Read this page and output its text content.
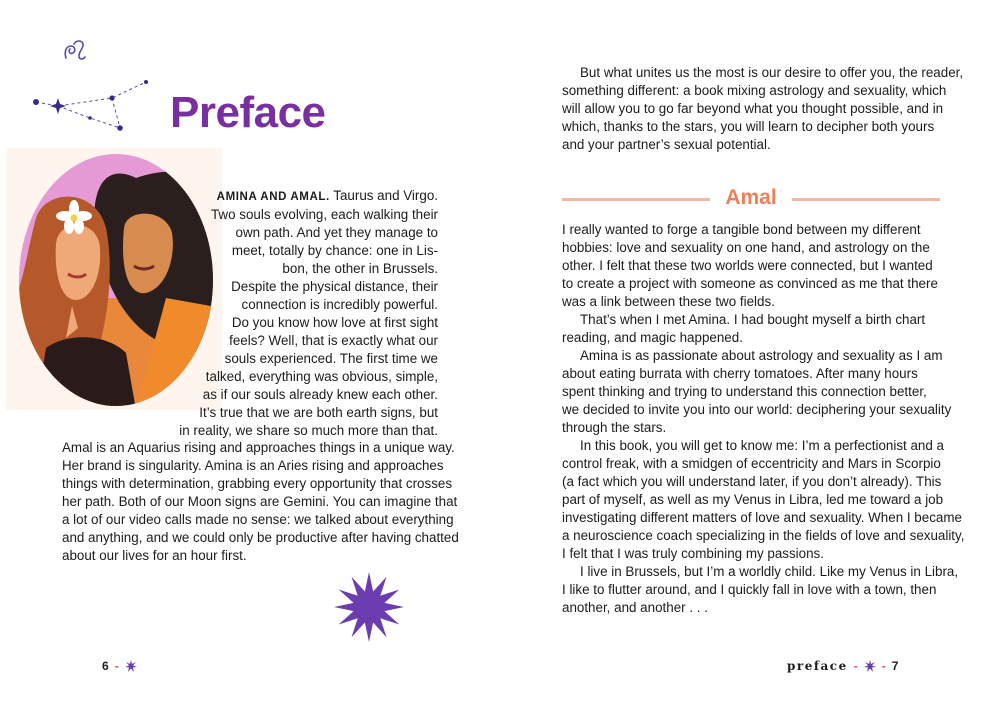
Preface
AMINA AND AMAL. Taurus and Virgo.
Two souls evolving, each walking their
own path. And yet they manage to
meet, totally by chance: one in Lis-
bon, the other in Brussels.
Despite the physical distance, their
connection is incredibly powerful.
Do you know how love at first sight
feels? Well, that is exactly what our
souls experienced. The first time we
talked, everything was obvious, simple,
as if our souls already knew each other.
It’s true that we are both earth signs, but
in reality, we share so much more than that.
Amal is an Aquarius rising and approaches things in a unique way.
Her brand is singularity. Amina is an Aries rising and approaches
things with determination, grabbing every opportunity that crosses
her path. Both of our Moon signs are Gemini. You can imagine that
a lot of our video calls made no sense: we talked about everything
and anything, and we could only be productive after having chatted
about our lives for an hour first.
6 -
But what unites us the most is our desire to offer you, the reader,
something different: a book mixing astrology and sexuality, which
will allow you to go far beyond what you thought possible, and in
which, thanks to the stars, you will learn to decipher both yours
and your partner’s sexual potential.
Amal
I really wanted to forge a tangible bond between my different
hobbies: love and sexuality on one hand, and astrology on the
other. I felt that these two worlds were connected, but I wanted
to create a project with someone as convinced as me that there
was a link between these two fields.
That’s when I met Amina. I had bought myself a birth chart
reading, and magic happened.
Amina is as passionate about astrology and sexuality as I am
about eating burrata with cherry tomatoes. After many hours
spent thinking and trying to understand this connection better,
we decided to invite you into our world: deciphering your sexuality
through the stars.
In this book, you will get to know me: I’m a perfectionist and a
control freak, with a smidgen of eccentricity and Mars in Scorpio
(a fact which you will understand later, if you don’t already). This
part of myself, as well as my Venus in Libra, led me toward a job
investigating different matters of love and sexuality. When I became
a neuroscience coach specializing in the fields of love and sexuality,
I felt that I was truly combining my passions.
I live in Brussels, but I’m a worldly child. Like my Venus in Libra,
I like to flutter around, and I quickly fall in love with a town, then
another, and another . . .
preface - - 7
